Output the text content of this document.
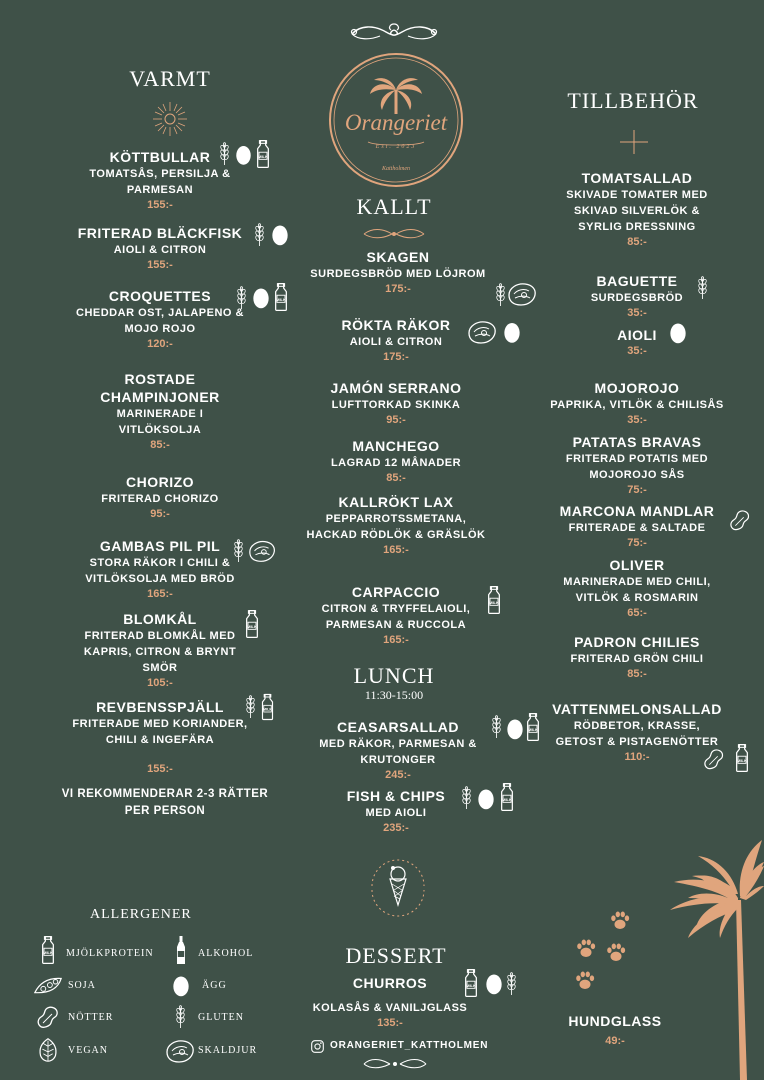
Orangeriet
Est. 2023
Kattholmen
VARMT
KALLT
TILLBEHÖR
KÖTTBULLAR
TOMATSÅS, PERSILJA & PARMESAN
155:-
FRITERAD BLÄCKFISK
AIOLI & CITRON
155:-
CROQUETTES
CHEDDAR OST, JALAPENO & MOJO ROJO
120:-
ROSTADE CHAMPINJONER
MARINERADE I VITLÖKSOLJA
85:-
CHORIZO
FRITERAD CHORIZO
95:-
GAMBAS PIL PIL
STORA RÄKOR I CHILI & VITLÖKSOLJA MED BRÖD
165:-
BLOMKÅL
FRITERAD BLOMKÅL MED KAPRIS, CITRON & BRYNT SMÖR
105:-
REVBENSSPJÄLL
FRITERADE MED KORIANDER, CHILI & INGEFÄRA
155:-
VI REKOMMENDERAR 2-3 RÄTTER PER PERSON
SKAGEN
SURDEGSBRÖD MED LÖJROM
175:-
RÖKTA RÄKOR
AIOLI & CITRON
175:-
JAMÓN SERRANO
LUFTTORKAD SKINKA
95:-
MANCHEGO
LAGRAD 12 MÅNADER
85:-
KALLRÖKT LAX
PEPPARROTSSMETANA, HACKAD RÖDLÖK & GRÄSLÖK
165:-
CARPACCIO
CITRON & TRYFFELAIOLI, PARMESAN & RUCCOLA
165:-
LUNCH
11:30-15:00
CEASARSALLAD
MED RÄKOR, PARMESAN & KRUTONGER
245:-
FISH & CHIPS
MED AIOLI
235:-
TOMATSALLAD
SKIVADE TOMATER MED SKIVAD SILVERLÖK & SYRLIG DRESSNING
85:-
BAGUETTE
SURDEGSBRÖD
35:-
AIOLI
35:-
MOJOROJO
PAPRIKA, VITLÖK & CHILISÅS
35:-
PATATAS BRAVAS
FRITERAD POTATIS MED MOJOROJO SÅS
75:-
MARCONA MANDLAR
FRITERADE & SALTADE
75:-
OLIVER
MARINERADE MED CHILI, VITLÖK & ROSMARIN
65:-
PADRON CHILIES
FRITERAD GRÖN CHILI
85:-
VATTENMELONSALLAD
RÖDBETOR, KRASSE, GETOST & PISTAGENÖTTER
110:-
DESSERT
CHURROS
KOLASÅS & VANILJGLASS
135:-
ORANGERIET_KATTHOLMEN
HUNDGLASS
49:-
ALLERGENER
MJÖLKPROTEIN	ALKOHOL
SOJA	ÄGG
NÖTTER	GLUTEN
VEGAN	SKALDJUR
